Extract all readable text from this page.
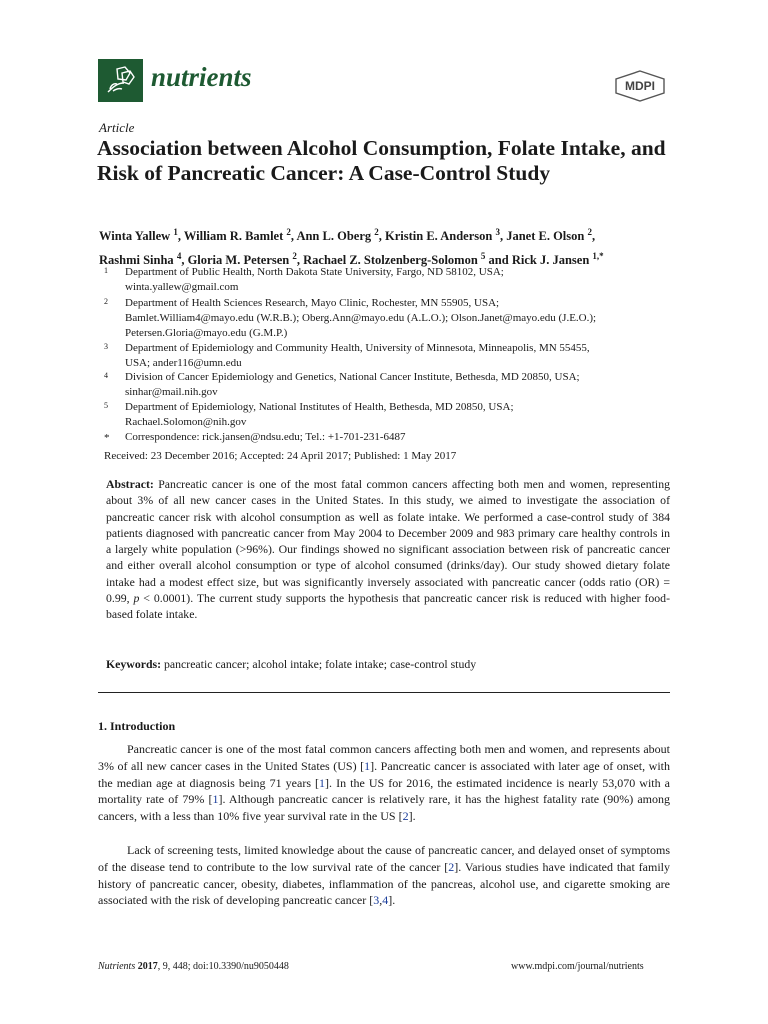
nutrients	MDPI
Article
Association between Alcohol Consumption, Folate Intake, and Risk of Pancreatic Cancer: A Case-Control Study
Winta Yallew $^1$, William R. Bamlet $^2$, Ann L. Oberg $^2$, Kristin E. Anderson $^3$, Janet E. Olson $^2$,
Rashmi Sinha $^4$, Gloria M. Petersen $^2$, Rachael Z. Stolzenberg-Solomon $^5$ and Rick J. Jansen $^{1,*}$
1 Department of Public Health, North Dakota State University, Fargo, ND 58102, USA;
winta.yallew@gmail.com
2 Department of Health Sciences Research, Mayo Clinic, Rochester, MN 55905, USA;
Bamlet.William4@mayo.edu (W.R.B.); Oberg.Ann@mayo.edu (A.L.O.); Olson.Janet@mayo.edu (J.E.O.);
Petersen.Gloria@mayo.edu (G.M.P.)
3 Department of Epidemiology and Community Health, University of Minnesota, Minneapolis, MN 55455,
USA; ander116@umn.edu
4 Division of Cancer Epidemiology and Genetics, National Cancer Institute, Bethesda, MD 20850, USA;
sinhar@mail.nih.gov
5 Department of Epidemiology, National Institutes of Health, Bethesda, MD 20850, USA;
Rachael.Solomon@nih.gov
* Correspondence: rick.jansen@ndsu.edu; Tel.: +1-701-231-6487
Received: 23 December 2016; Accepted: 24 April 2017; Published: 1 May 2017
Abstract: Pancreatic cancer is one of the most fatal common cancers affecting both men and women, representing about 3% of all new cancer cases in the United States. In this study, we aimed to investigate the association of pancreatic cancer risk with alcohol consumption as well as folate intake. We performed a case-control study of 384 patients diagnosed with pancreatic cancer from May 2004 to December 2009 and 983 primary care healthy controls in a largely white population (>96%). Our findings showed no significant association between risk of pancreatic cancer and either overall alcohol consumption or type of alcohol consumed (drinks/day). Our study showed dietary folate intake had a modest effect size, but was significantly inversely associated with pancreatic cancer (odds ratio (OR) = 0.99, p < 0.0001). The current study supports the hypothesis that pancreatic cancer risk is reduced with higher food-based folate intake.
Keywords: pancreatic cancer; alcohol intake; folate intake; case-control study
1. Introduction
Pancreatic cancer is one of the most fatal common cancers affecting both men and women, and represents about 3% of all new cancer cases in the United States (US) [1]. Pancreatic cancer is associated with later age of onset, with the median age at diagnosis being 71 years [1]. In the US for 2016, the estimated incidence is nearly 53,070 with a mortality rate of 79% [1]. Although pancreatic cancer is relatively rare, it has the highest fatality rate (90%) among cancers, with a less than 10% five year survival rate in the US [2].
Lack of screening tests, limited knowledge about the cause of pancreatic cancer, and delayed onset of symptoms of the disease tend to contribute to the low survival rate of the cancer [2]. Various studies have indicated that family history of pancreatic cancer, obesity, diabetes, inflammation of the pancreas, alcohol use, and cigarette smoking are associated with the risk of developing pancreatic cancer [3,4].
Nutrients 2017, 9, 448; doi:10.3390/nu9050448	www.mdpi.com/journal/nutrients
